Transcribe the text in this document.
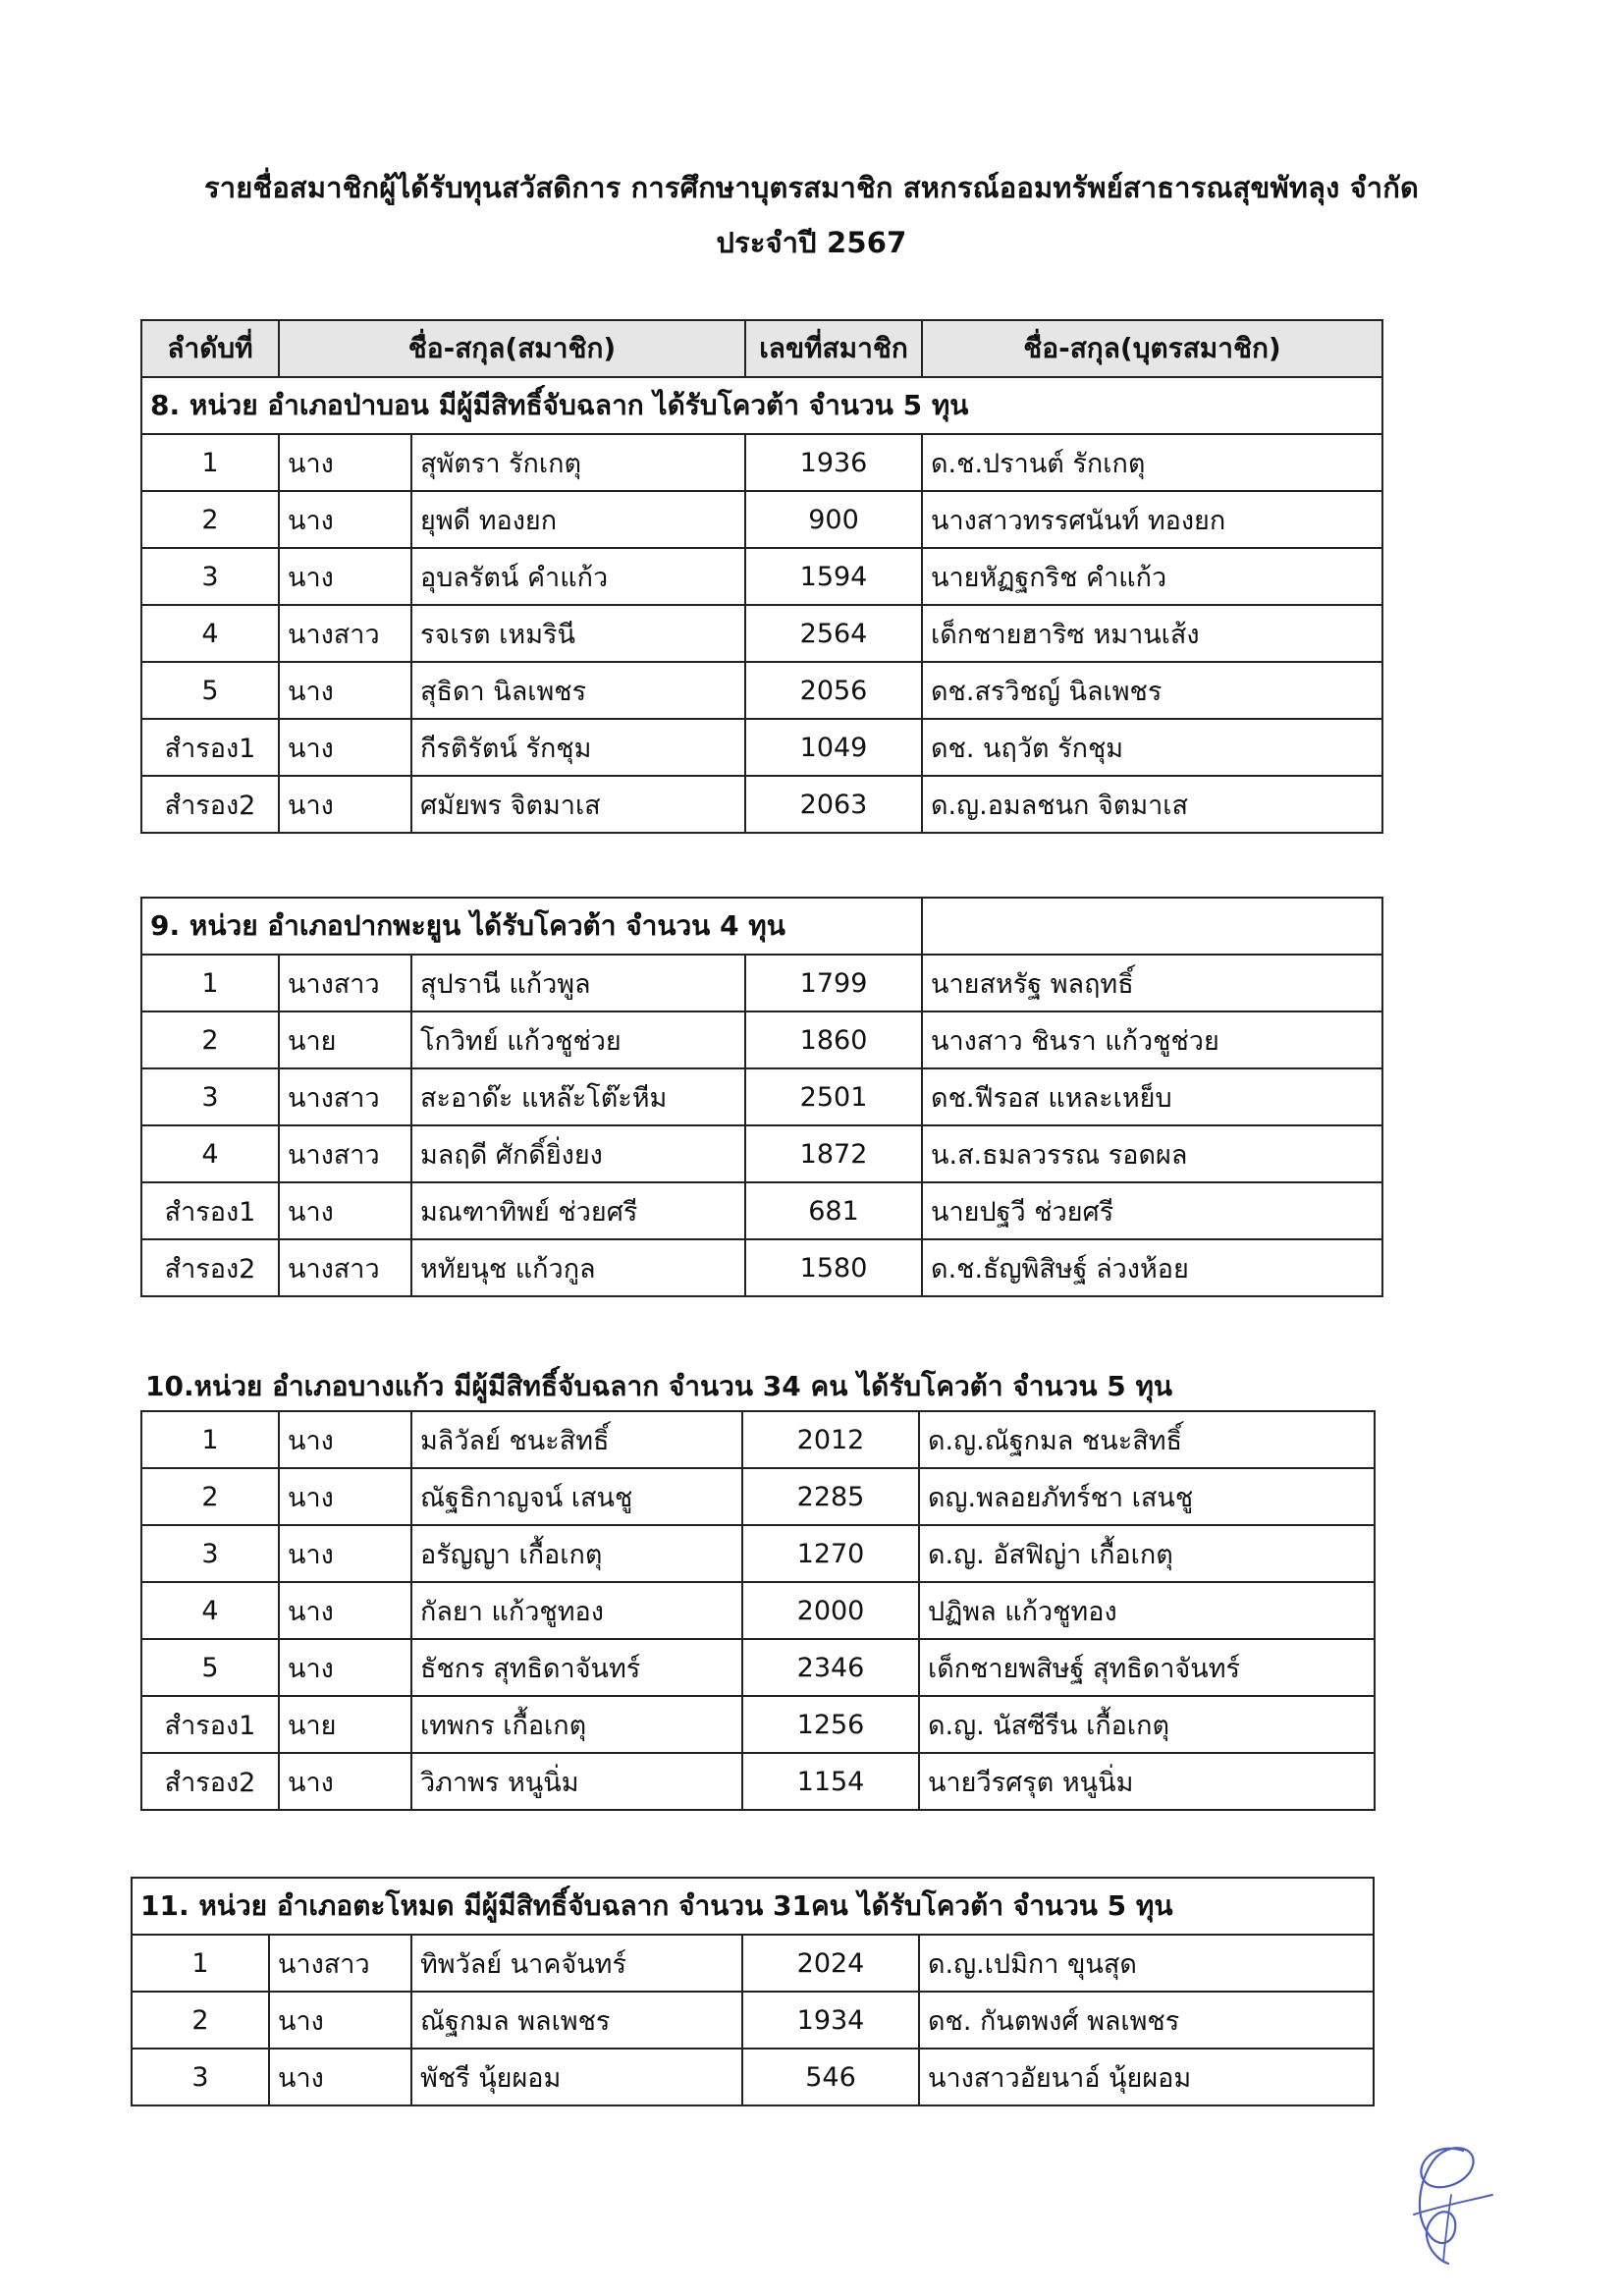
รายชื่อสมาชิกผู้ได้รับทุนสวัสดิการ การศึกษาบุตรสมาชิก สหกรณ์ออมทรัพย์สาธารณสุขพัทลุง จำกัด
ประจำปี 2567
ลำดับที่	ชื่อ-สกุล(สมาชิก)		เลขที่สมาชิก	ชื่อ-สกุล(บุตรสมาชิก)
8. หน่วย อำเภอป่าบอน มีผู้มีสิทธิ์จับฉลาก ได้รับโควต้า จำนวน 5 ทุน				
1	นาง	สุพัตรา รักเกตุ	1936	ด.ช.ปรานต์ รักเกตุ
2	นาง	ยุพดี ทองยก	900	นางสาวทรรศนันท์ ทองยก
3	นาง	อุบลรัตน์ คำแก้ว	1594	นายหัฏฐกริช คำแก้ว
4	นางสาว	รจเรต เหมรินี	2564	เด็กชายฮาริซ หมานเส้ง
5	นาง	สุธิดา นิลเพชร	2056	ดช.สรวิชญ์ นิลเพชร
สำรอง1	นาง	กีรติรัตน์ รักชุม	1049	ดช. นฤวัต รักชุม
สำรอง2	นาง	ศมัยพร จิตมาเส	2063	ด.ญ.อมลชนก จิตมาเส
9. หน่วย อำเภอปากพะยูน ได้รับโควต้า จำนวน 4 ทุน				
1	นางสาว	สุปรานี แก้วพูล	1799	นายสหรัฐ พลฤทธิ์
2	นาย	โกวิทย์ แก้วชูช่วย	1860	นางสาว ชินรา แก้วชูช่วย
3	นางสาว	สะอาด๊ะ แหล๊ะโต๊ะหีม	2501	ดช.ฟีรอส แหละเหย็บ
4	นางสาว	มลฤดี ศักดิ์ยิ่งยง	1872	น.ส.ธมลวรรณ รอดผล
สำรอง1	นาง	มณฑาทิพย์ ช่วยศรี	681	นายปฐวี ช่วยศรี
สำรอง2	นางสาว	หทัยนุช แก้วกูล	1580	ด.ช.ธัญพิสิษฐ์ ล่วงห้อย
10.หน่วย อำเภอบางแก้ว มีผู้มีสิทธิ์จับฉลาก จำนวน 34 คน ได้รับโควต้า จำนวน 5 ทุน
1	นาง	มลิวัลย์ ชนะสิทธิ์	2012	ด.ญ.ณัฐกมล ชนะสิทธิ์
2	นาง	ณัฐธิกาญจน์ เสนชู	2285	ดญ.พลอยภัทร์ชา เสนชู
3	นาง	อรัญญา เกื้อเกตุ	1270	ด.ญ. อัสฟิญ่า เกื้อเกตุ
4	นาง	กัลยา แก้วชูทอง	2000	ปฏิพล แก้วชูทอง
5	นาง	ธัชกร สุทธิดาจันทร์	2346	เด็กชายพสิษฐ์ สุทธิดาจันทร์
สำรอง1	นาย	เทพกร เกื้อเกตุ	1256	ด.ญ. นัสซีรีน เกื้อเกตุ
สำรอง2	นาง	วิภาพร หนูนิ่ม	1154	นายวีรศรุต หนูนิ่ม
11. หน่วย อำเภอตะโหมด มีผู้มีสิทธิ์จับฉลาก จำนวน 31คน ได้รับโควต้า จำนวน 5 ทุน				
1	นางสาว	ทิพวัลย์ นาคจันทร์	2024	ด.ญ.เปมิกา ขุนสุด
2	นาง	ณัฐกมล พลเพชร	1934	ดช. กันตพงศ์ พลเพชร
3	นาง	พัชรี นุ้ยผอม	546	นางสาวอัยนาอ์ นุ้ยผอม
